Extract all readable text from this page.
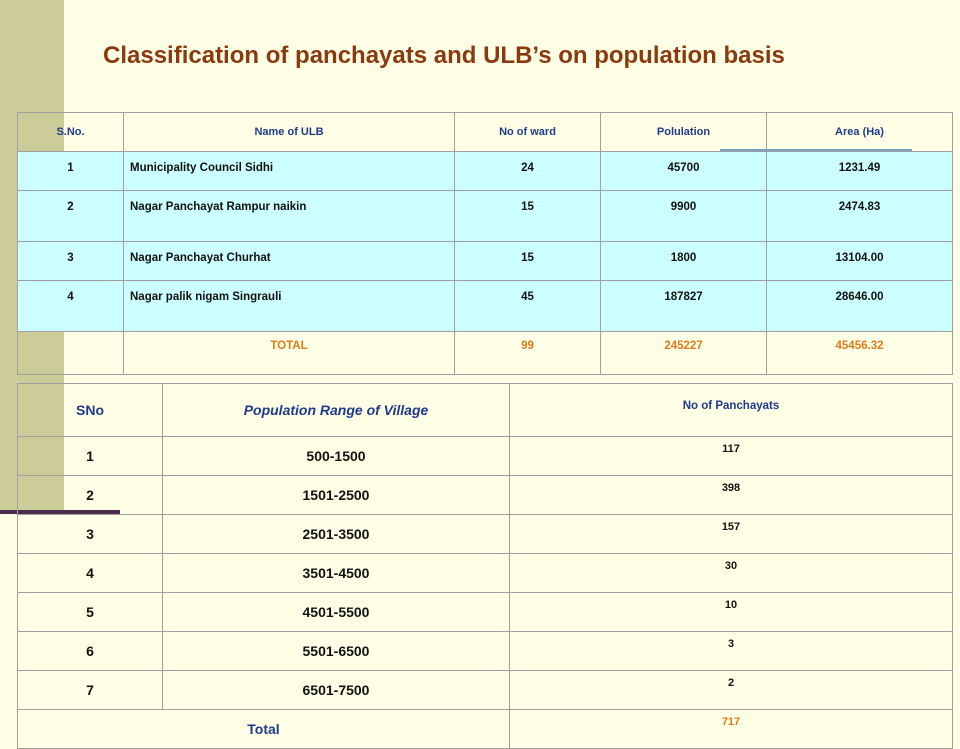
Classification of panchayats and ULB’s on population basis
S.No.	Name of ULB	No of ward	Polulation	Area (Ha)
1	Municipality Council Sidhi	24	45700	1231.49
2	Nagar Panchayat Rampur naikin	15	9900	2474.83
3	Nagar Panchayat Churhat	15	1800	13104.00
4	Nagar palik nigam Singrauli	45	187827	28646.00
	TOTAL	99	245227	45456.32
SNo	Population Range of Village	No of Panchayats
1	500-1500	117
2	1501-2500	398
3	2501-3500	157
4	3501-4500	30
5	4501-5500	10
6	5501-6500	3
7	6501-7500	2
Total		717
